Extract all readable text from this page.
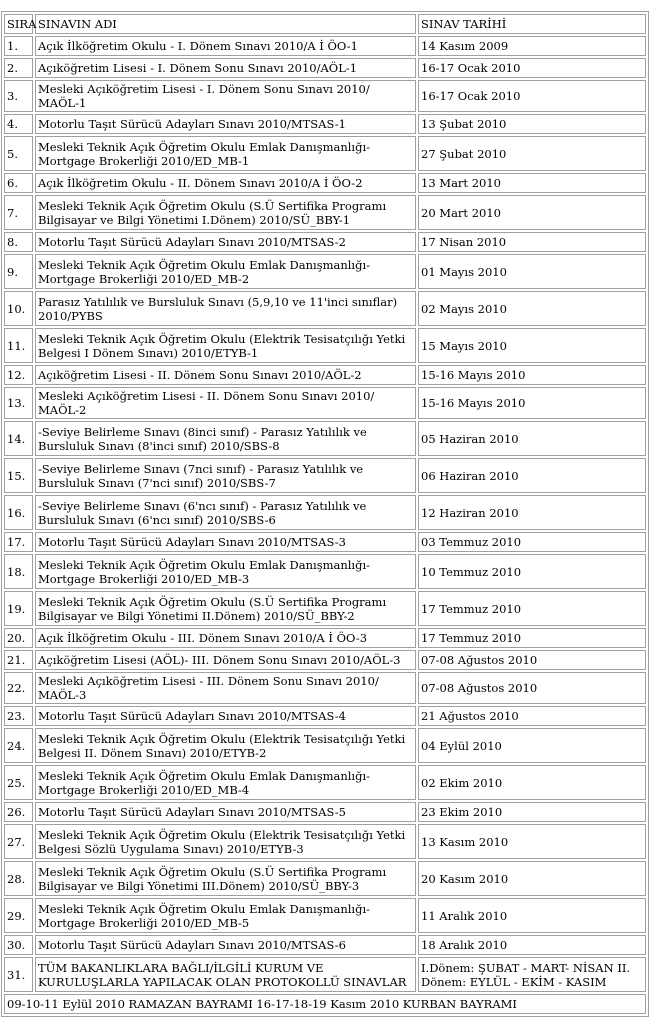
SIRA	SINAVIN ADI	SINAV TARİHİ
1.	Açık İlköğretim Okulu - I. Dönem Sınavı 2010/A İ ÖO-1	14 Kasım 2009
2.	Açıköğretim Lisesi - I. Dönem Sonu Sınavı 2010/AÖL-1	16-17 Ocak 2010
3.	Mesleki Açıköğretim Lisesi - I. Dönem Sonu Sınavı 2010/ MAÖL-1	16-17 Ocak 2010
4.	Motorlu Taşıt Sürücü Adayları Sınavı 2010/MTSAS-1	13 Şubat 2010
5.	Mesleki Teknik Açık Öğretim Okulu Emlak Danışmanlığı- Mortgage Brokerliği 2010/ED_MB-1	27 Şubat 2010
6.	Açık İlköğretim Okulu - II. Dönem Sınavı 2010/A İ ÖO-2	13 Mart 2010
7.	Mesleki Teknik Açık Öğretim Okulu (S.Ü Sertifika Programı Bilgisayar ve Bilgi Yönetimi I.Dönem) 2010/SÜ_BBY-1	20 Mart 2010
8.	Motorlu Taşıt Sürücü Adayları Sınavı 2010/MTSAS-2	17 Nisan 2010
9.	Mesleki Teknik Açık Öğretim Okulu Emlak Danışmanlığı- Mortgage Brokerliği 2010/ED_MB-2	01 Mayıs 2010
10.	Parasız Yatılılık ve Bursluluk Sınavı (5,9,10 ve 11'inci sınıflar) 2010/PYBS	02 Mayıs 2010
11.	Mesleki Teknik Açık Öğretim Okulu (Elektrik Tesisatçılığı Yetki Belgesi I Dönem Sınavı) 2010/ETYB-1	15 Mayıs 2010
12.	Açıköğretim Lisesi - II. Dönem Sonu Sınavı 2010/AÖL-2	15-16 Mayıs 2010
13.	Mesleki Açıköğretim Lisesi - II. Dönem Sonu Sınavı 2010/ MAÖL-2	15-16 Mayıs 2010
14.	-Seviye Belirleme Sınavı (8inci sınıf) - Parasız Yatılılık ve Bursluluk Sınavı (8'inci sınıf) 2010/SBS-8	05 Haziran 2010
15.	-Seviye Belirleme Sınavı (7nci sınıf) - Parasız Yatılılık ve Bursluluk Sınavı (7'nci sınıf) 2010/SBS-7	06 Haziran 2010
16.	-Seviye Belirleme Sınavı (6'ncı sınıf) - Parasız Yatılılık ve Bursluluk Sınavı (6'ncı sınıf) 2010/SBS-6	12 Haziran 2010
17.	Motorlu Taşıt Sürücü Adayları Sınavı 2010/MTSAS-3	03 Temmuz 2010
18.	Mesleki Teknik Açık Öğretim Okulu Emlak Danışmanlığı- Mortgage Brokerliği 2010/ED_MB-3	10 Temmuz 2010
19.	Mesleki Teknik Açık Öğretim Okulu (S.Ü Sertifika Programı Bilgisayar ve Bilgi Yönetimi II.Dönem) 2010/SÜ_BBY-2	17 Temmuz 2010
20.	Açık İlköğretim Okulu - III. Dönem Sınavı 2010/A İ ÖO-3	17 Temmuz 2010
21.	Açıköğretim Lisesi (AÖL)- III. Dönem Sonu Sınavı 2010/AÖL-3	07-08 Ağustos 2010
22.	Mesleki Açıköğretim Lisesi - III. Dönem Sonu Sınavı 2010/ MAÖL-3	07-08 Ağustos 2010
23.	Motorlu Taşıt Sürücü Adayları Sınavı 2010/MTSAS-4	21 Ağustos 2010
24.	Mesleki Teknik Açık Öğretim Okulu (Elektrik Tesisatçılığı Yetki Belgesi II. Dönem Sınavı) 2010/ETYB-2	04 Eylül 2010
25.	Mesleki Teknik Açık Öğretim Okulu Emlak Danışmanlığı- Mortgage Brokerliği 2010/ED_MB-4	02 Ekim 2010
26.	Motorlu Taşıt Sürücü Adayları Sınavı 2010/MTSAS-5	23 Ekim 2010
27.	Mesleki Teknik Açık Öğretim Okulu (Elektrik Tesisatçılığı Yetki Belgesi Sözlü Uygulama Sınavı) 2010/ETYB-3	13 Kasım 2010
28.	Mesleki Teknik Açık Öğretim Okulu (S.Ü Sertifika Programı Bilgisayar ve Bilgi Yönetimi III.Dönem) 2010/SÜ_BBY-3	20 Kasım 2010
29.	Mesleki Teknik Açık Öğretim Okulu Emlak Danışmanlığı- Mortgage Brokerliği 2010/ED_MB-5	11 Aralık 2010
30.	Motorlu Taşıt Sürücü Adayları Sınavı 2010/MTSAS-6	18 Aralık 2010
31.	TÜM BAKANLIKLARA BAĞLI/İLGİLİ KURUM VE KURULUŞLARLA YAPILACAK OLAN PROTOKOLLÜ SINAVLAR	I.Dönem: ŞUBAT - MART- NİSAN II. Dönem: EYLÜL - EKİM - KASIM
09-10-11 Eylül 2010 RAMAZAN BAYRAMI 16-17-18-19 Kasım 2010 KURBAN BAYRAMI		
